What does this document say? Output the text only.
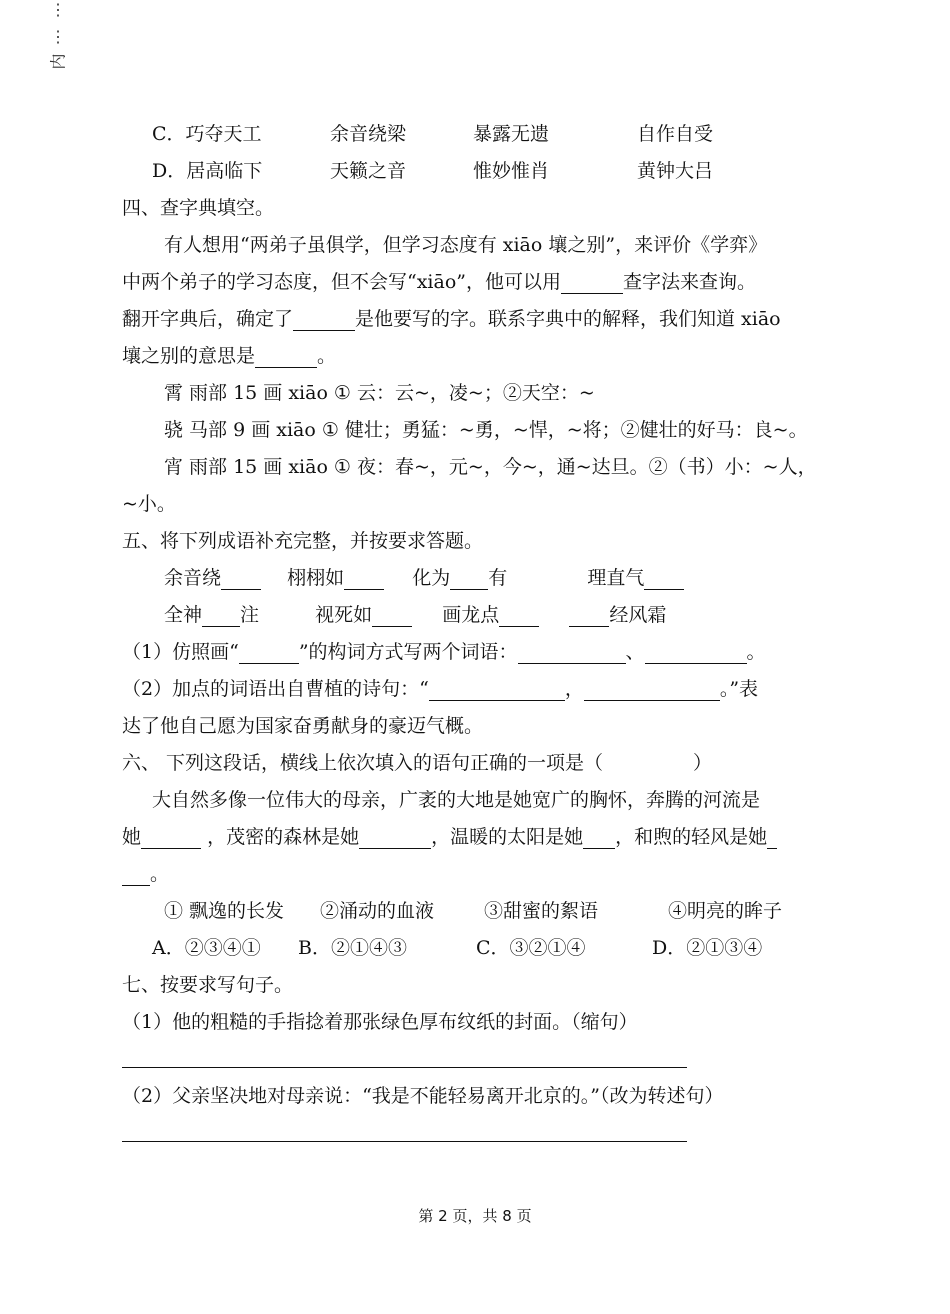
⋮
⋮
内
C．巧夺天工	余音绕梁	暴露无遗	自作自受
D．居高临下	天籁之音	惟妙惟肖	黄钟大吕
四、查字典填空。
有人想用“两弟子虽俱学，但学习态度有 xiāo 壤之别”，来评价《学弈》
中两个弟子的学习态度，但不会写“xiāo”，他可以用	查字法来查询。
翻开字典后，确定了	是他要写的字。联系字典中的解释，我们知道 xiāo
壤之别的意思是	。
霄 雨部 15 画 xiāo ① 云：云~，凌~；②天空：~
骁 马部 9 画 xiāo ① 健壮；勇猛：~勇，~悍，~将；②健壮的好马：良~。
宵 雨部 15 画 xiāo ① 夜：春~，元~，今~，通~达旦。②（书）小：~人，
~小。
五、将下列成语补充完整，并按要求答题。
余音绕	栩栩如	化为 有	理直气
全神 注	视死如	画龙点	经风霜
（1）仿照画“	”的构词方式写两个词语：	、	。
（2）加点的词语出自曹植的诗句：“	，	。”表
达了他自己愿为国家奋勇献身的豪迈气概。
六、 下列这段话，横线上依次填入的语句正确的一项是（	）
大自然多像一位伟大的母亲，广袤的大地是她宽广的胸怀，奔腾的河流是
她	，茂密的森林是她	，温暖的太阳是她 ，和煦的轻风是她
。
① 飘逸的长发 ②涌动的血液	③甜蜜的絮语	④明亮的眸子
A．②③④① B．②①④③	C．③②①④	D．②①③④
七、按要求写句子。
（1）他的粗糙的手指捻着那张绿色厚布纹纸的封面。（缩句）
（2）父亲坚决地对母亲说：“我是不能轻易离开北京的。”（改为转述句）
第 2 页，共 8 页
